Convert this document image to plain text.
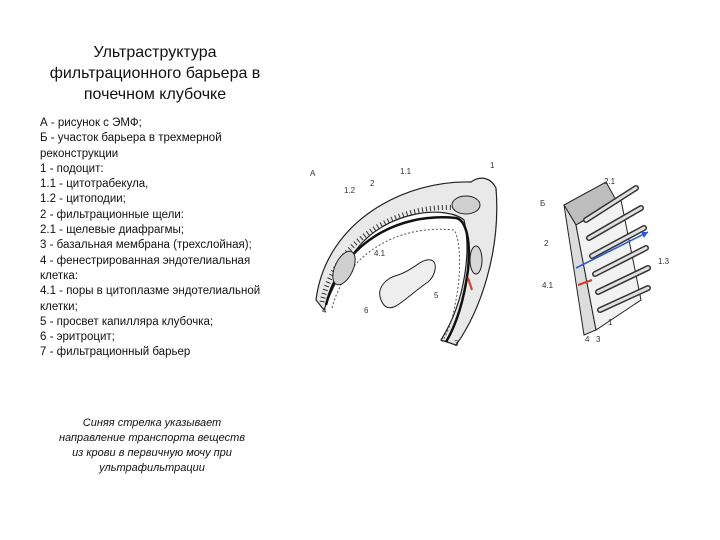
Ультраструктура
фильтрационного барьера в
почечном клубочке
А - рисунок с ЭМФ;
Б - участок барьера в трехмерной реконструкции
1 - подоцит:
1.1 - цитотрабекула,
1.2 - цитоподии;
2 - фильтрационные щели:
2.1 - щелевые диафрагмы;
3 - базальная мембрана (трехслойная);
4 - фенестрированная эндотелиальная клетка:
4.1 - поры в цитоплазме эндотелиальной клетки;
5 - просвет капилляра клубочка;
6 - эритроцит;
7 - фильтрационный барьер
Синяя стрелка указывает
направление транспорта веществ
из крови в первичную мочу при
ультрафильтрации
А
1
1.1
1.2
2
4.1
4
5
6
3
Б
2.1
2
4.1
1.3
4 3
1
